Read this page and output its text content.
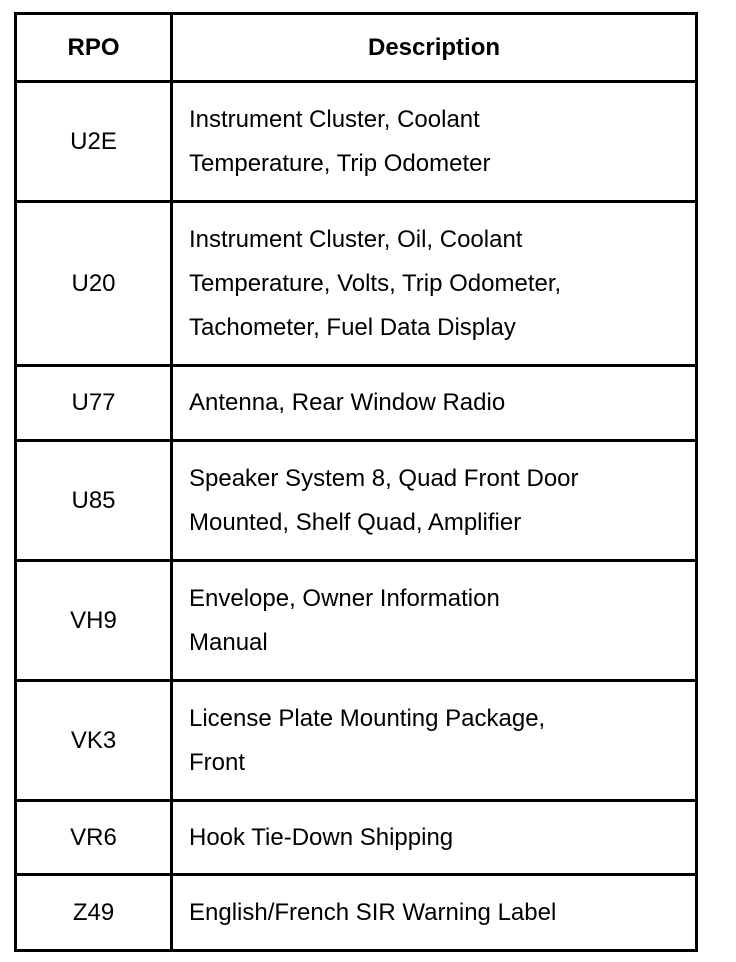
RPO	Description
U2E	Instrument Cluster, Coolant
Temperature, Trip Odometer

U20	Instrument Cluster, Oil, Coolant
Temperature, Volts, Trip Odometer,
Tachometer, Fuel Data Display

U77	Antenna, Rear Window Radio

U85	Speaker System 8, Quad Front Door
Mounted, Shelf Quad, Amplifier

VH9	Envelope, Owner Information
Manual

VK3	License Plate Mounting Package,
Front

VR6	Hook Tie-Down Shipping

Z49	English/French SIR Warning Label
